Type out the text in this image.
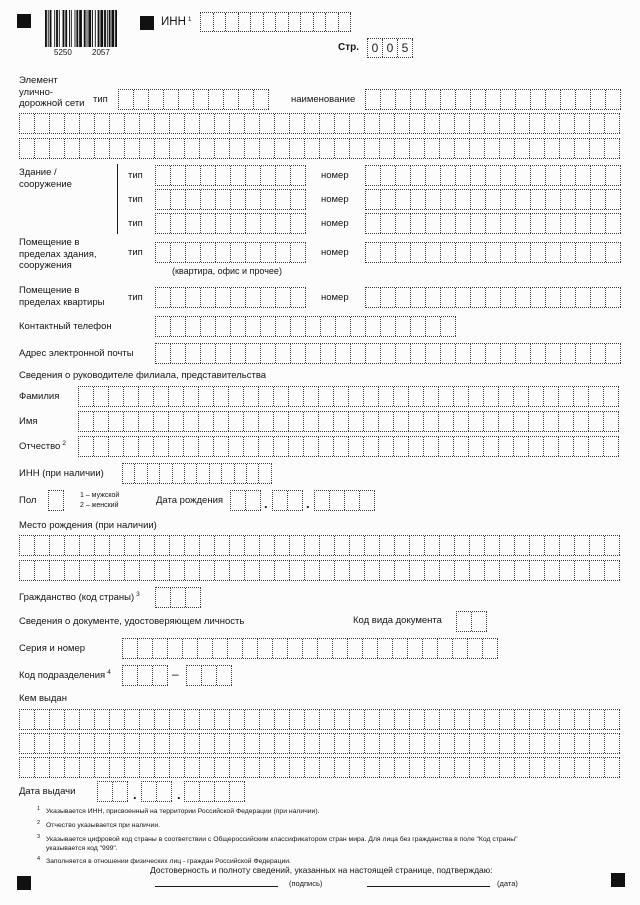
5250	2057
ИНН $^1$
Стр.	0 0 5
Элемент
улично-
дорожной сети тип	наименование
Здание /
сооружение
тип	номер
тип	номер
тип	номер
Помещение в
пределах здания,
сооружения
тип	номер
(квартира, офис и прочее)
Помещение в
пределах квартиры тип	номер
Контактный телефон
Адрес электронной почты
Сведения о руководителе филиала, представительства
Фамилия
Имя
Отчество $^2$
ИНН (при наличии)
Пол	1 – мужской
2 – женский	Дата рождения	.	.
Место рождения (при наличии)
Гражданство (код страны) $^3$
Сведения о документе, удостоверяющем личность	Код вида документа
Серия и номер
Код подразделения $^4$	–
Кем выдан
Дата выдачи	.	.
1 Указывается ИНН, присвоенный на территории Российской Федерации (при наличии).
2 Отчество указывается при наличии.
3 Указывается цифровой код страны в соответствии с Общероссийским классификатором стран мира. Для лица без гражданства в поле "Код страны"
указывается код "999".
4 Заполняется в отношении физических лиц - граждан Российской Федерации.
Достоверность и полноту сведений, указанных на настоящей странице, подтверждаю:
(подпись)	(дата)
